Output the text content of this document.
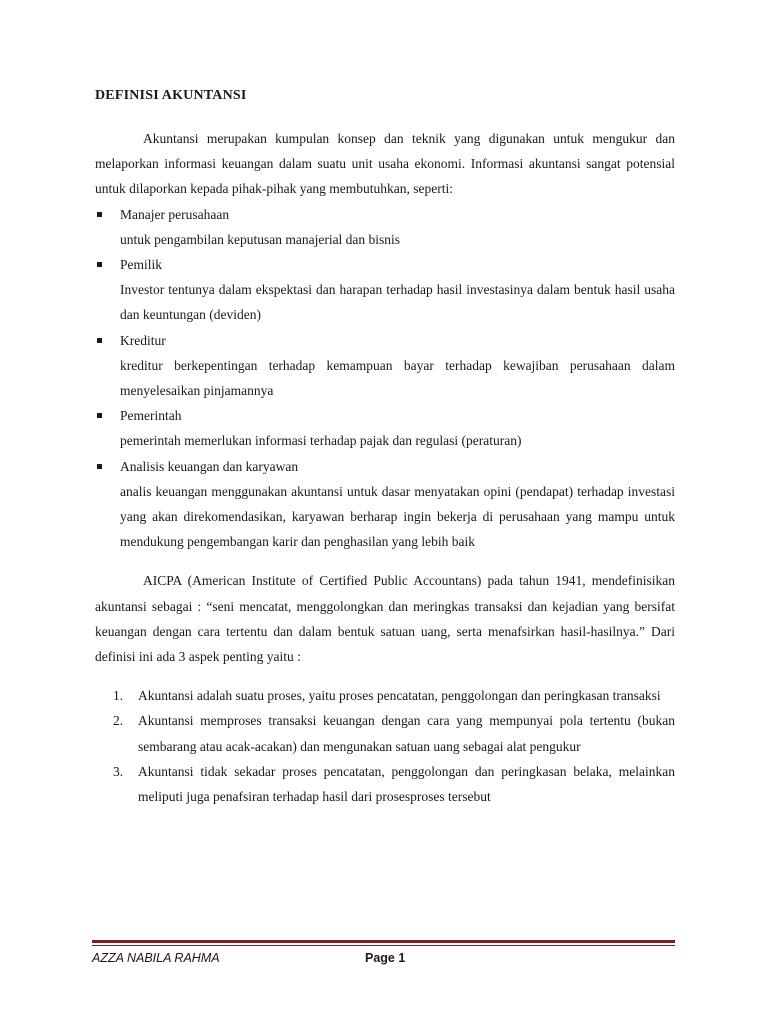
DEFINISI AKUNTANSI

Akuntansi merupakan kumpulan konsep dan teknik yang digunakan untuk mengukur dan melaporkan informasi keuangan dalam suatu unit usaha ekonomi. Informasi akuntansi sangat potensial untuk dilaporkan kepada pihak-pihak yang membutuhkan, seperti:

Manajer perusahaan
untuk pengambilan keputusan manajerial dan bisnis
Pemilik
Investor tentunya dalam ekspektasi dan harapan terhadap hasil investasinya dalam bentuk hasil usaha dan keuntungan (deviden)
Kreditur
kreditur berkepentingan terhadap kemampuan bayar terhadap kewajiban perusahaan dalam menyelesaikan pinjamannya
Pemerintah
pemerintah memerlukan informasi terhadap pajak dan regulasi (peraturan)
Analisis keuangan dan karyawan
analis keuangan menggunakan akuntansi untuk dasar menyatakan opini (pendapat) terhadap investasi yang akan direkomendasikan, karyawan berharap ingin bekerja di perusahaan yang mampu untuk mendukung pengembangan karir dan penghasilan yang lebih baik

AICPA (American Institute of Certified Public Accountans) pada tahun 1941, mendefinisikan akuntansi sebagai : “seni mencatat, menggolongkan dan meringkas transaksi dan kejadian yang bersifat keuangan dengan cara tertentu dan dalam bentuk satuan uang, serta menafsirkan hasil-hasilnya.” Dari definisi ini ada 3 aspek penting yaitu :

1. Akuntansi adalah suatu proses, yaitu proses pencatatan, penggolongan dan peringkasan transaksi
2. Akuntansi memproses transaksi keuangan dengan cara yang mempunyai pola tertentu (bukan sembarang atau acak-acakan) dan mengunakan satuan uang sebagai alat pengukur
3. Akuntansi tidak sekadar proses pencatatan, penggolongan dan peringkasan belaka, melainkan meliputi juga penafsiran terhadap hasil dari prosesproses tersebut
AZZA NABILA RAHMA	Page 1
